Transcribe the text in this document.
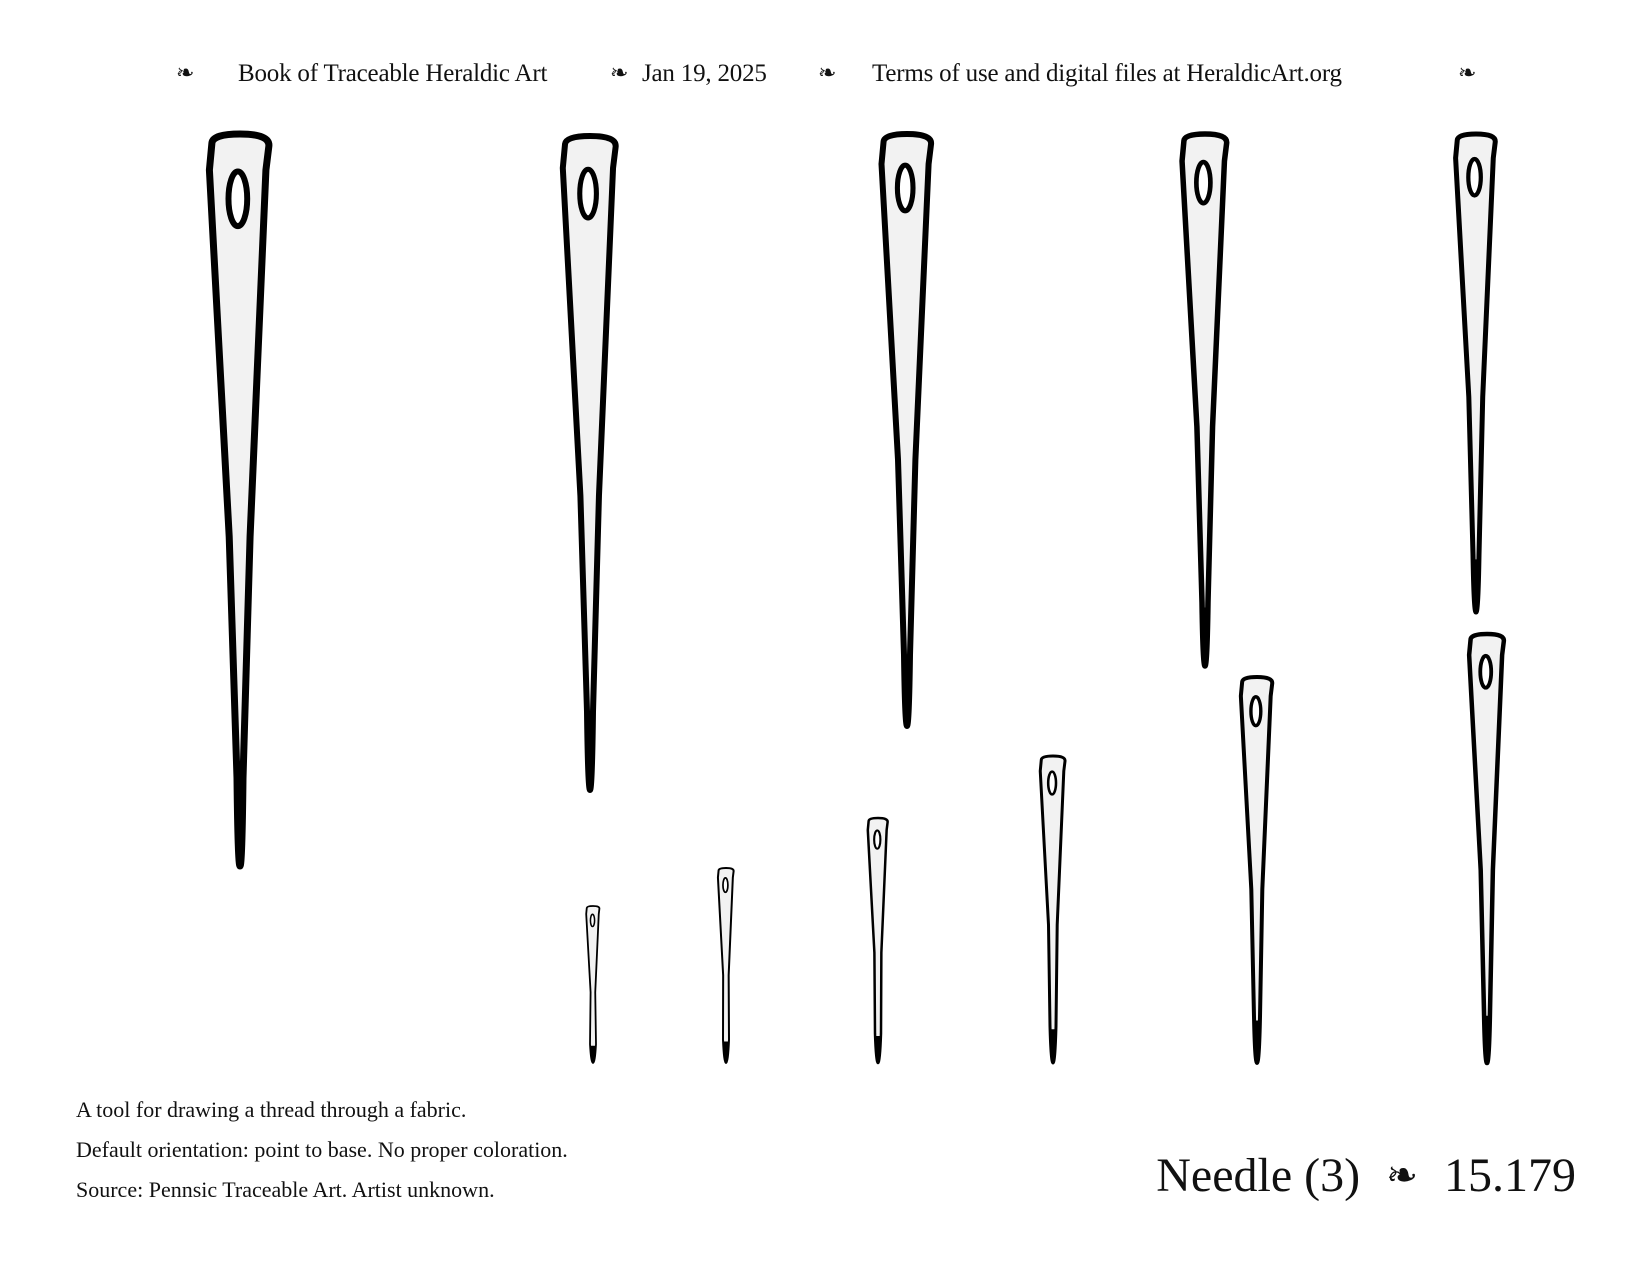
❧ Book of Traceable Heraldic Art	❧ Jan 19, 2025 ❧ Terms of use and digital files at HeraldicArt.org	❧
A tool for drawing a thread through a fabric.
Default orientation: point to base. No proper coloration.
Source: Pennsic Traceable Art. Artist unknown.	Needle (3) ❧ 15.179
